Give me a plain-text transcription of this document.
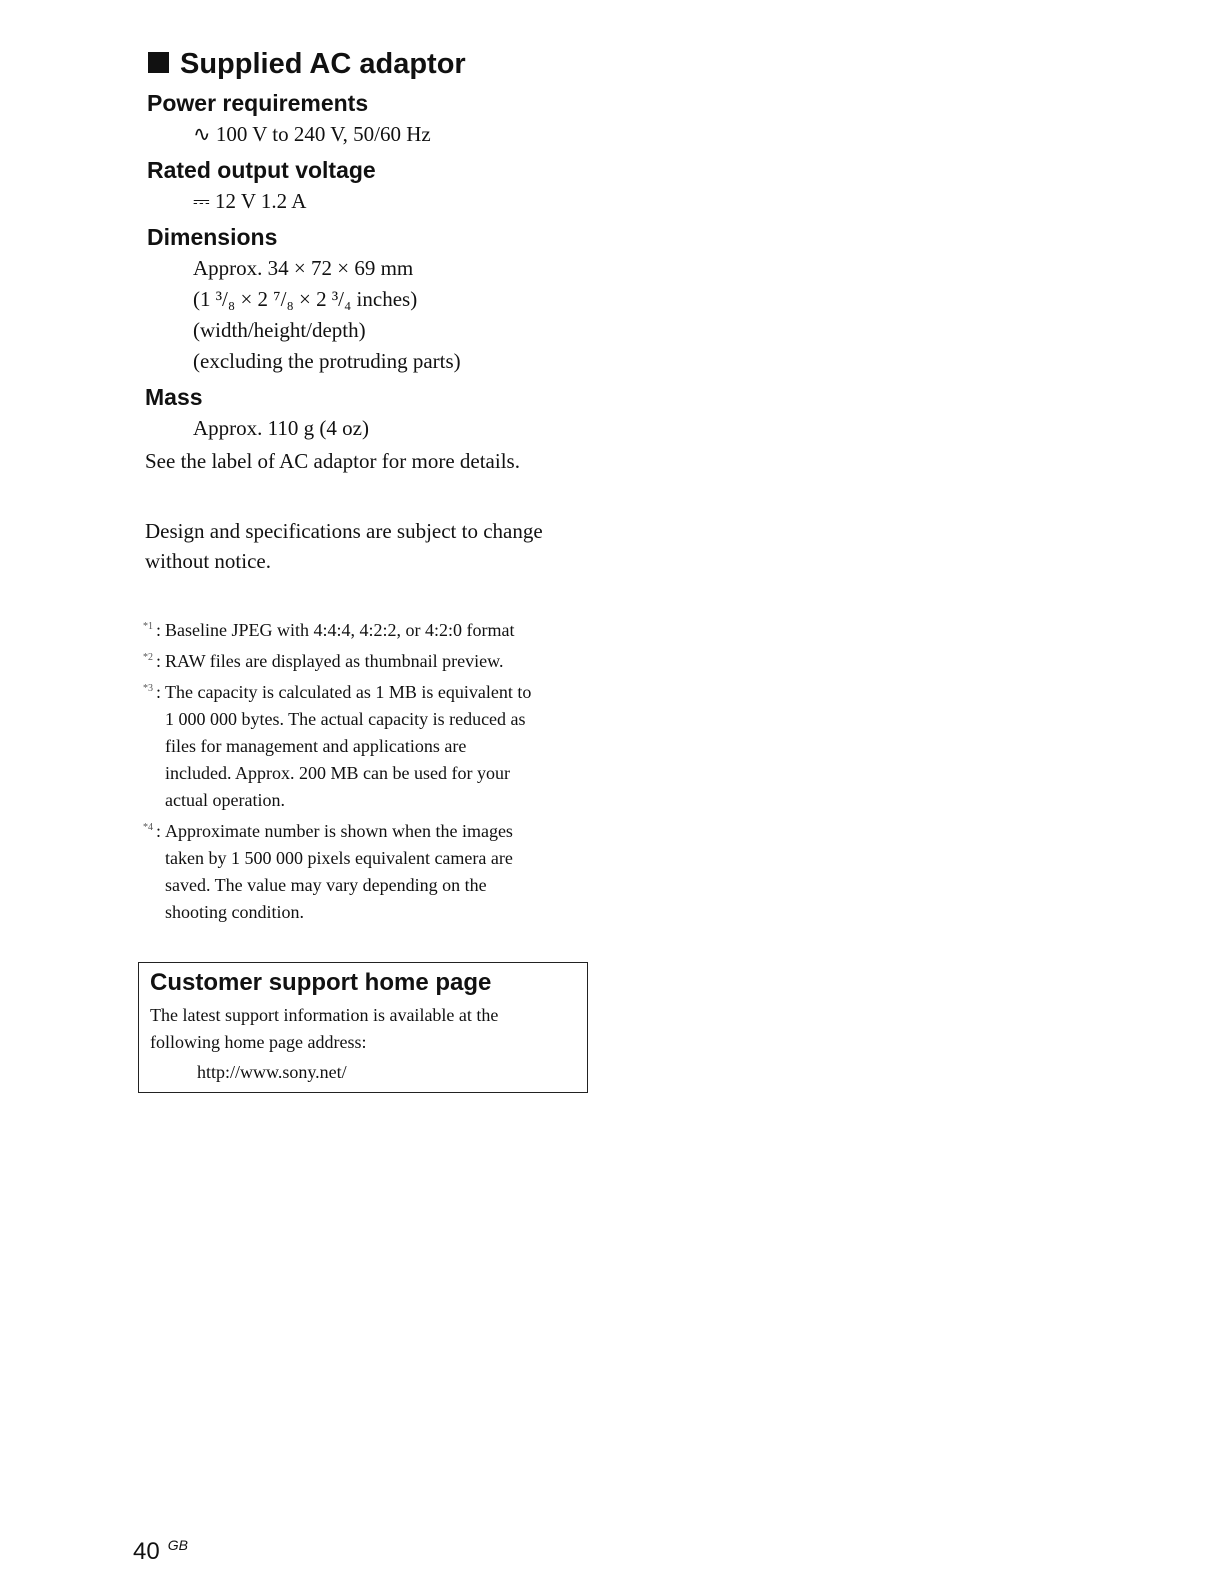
Supplied AC adaptor

Power requirements

∿ 100 V to 240 V, 50/60 Hz

Rated output voltage

⎓ 12 V 1.2 A

Dimensions

Approx. 34 × 72 × 69 mm

(1 ³/₈ × 2 ⁷/₈ × 2 ³/₄ inches)

(width/height/depth)

(excluding the protruding parts)

Mass

Approx. 110 g (4 oz)

See the label of AC adaptor for more details.

Design and specifications are subject to change

without notice.

*1 : Baseline JPEG with 4:4:4, 4:2:2, or 4:2:0 format
*2 : RAW files are displayed as thumbnail preview.
*3 : The capacity is calculated as 1 MB is equivalent to
1 000 000 bytes. The actual capacity is reduced as
files for management and applications are
included. Approx. 200 MB can be used for your
actual operation.
*4 : Approximate number is shown when the images
taken by 1 500 000 pixels equivalent camera are
saved. The value may vary depending on the
shooting condition.
Customer support home page

The latest support information is available at the
following home page address:

http://www.sony.net/
40 $^{GB}$
